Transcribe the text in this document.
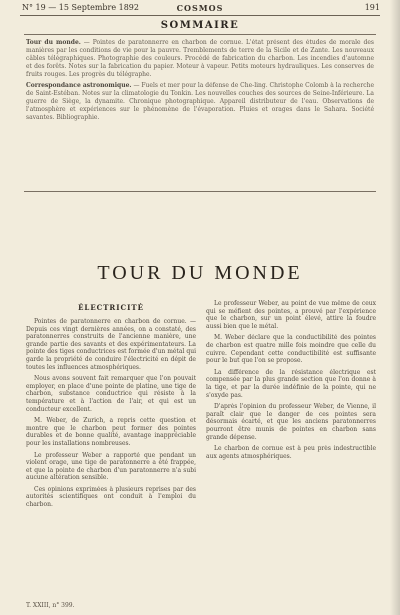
N° 19 — 15 Septembre 1892	COSMOS	191
SOMMAIRE

Tour du monde. — Pointes de paratonnerre en charbon de cornue. L'état présent des études de morale des manières par les conditions de vie pour la pauvre. Tremblements de terre de la Sicile et de Zante. Les nouveaux câbles télégraphiques. Photographie des couleurs. Procédé de fabrication du charbon. Les incendies d'automne et des forêts. Notes sur la fabrication du papier. Moteur à vapeur. Petits moteurs hydrauliques. Les conserves de fruits rouges. Les progrès du télégraphe.

Correspondance astronomique. — Fuels et mer pour la défense de Che-ling. Christophe Colomb à la recherche de Saint-Estéban. Notes sur la climatologie du Tonkin. Les nouvelles couches des sources de Seine-Inférieure. La guerre de Siège, la dynamite. Chronique photographique. Appareil distributeur de l'eau. Observations de l'atmosphère et expériences sur le phénomène de l'évaporation. Pluies et orages dans le Sahara. Société savantes. Bibliographie.

TOUR DU MONDE
ÉLECTRICITÉ

Pointes de paratonnerre en charbon de cornue. — Depuis ces vingt dernières années, on a constaté, des paratonnerres construits de l'ancienne manière, une grande partie des savants et des expérimentateurs. La pointe des tiges conductrices est formée d'un métal qui garde la propriété de conduire l'électricité en dépit de toutes les influences atmosphériques.

Nous avons souvent fait remarquer que l'on pouvait employer, en place d'une pointe de platine, une tige de charbon, substance conductrice qui résiste à la température et à l'action de l'air, et qui est un conducteur excellent.

M. Weber, de Zurich, a repris cette question et montre que le charbon peut former des pointes durables et de bonne qualité, avantage inappréciable pour les installations nombreuses.

Le professeur Weber a rapporté que pendant un violent orage, une tige de paratonnerre a été frappée, et que la pointe de charbon d'un paratonnerre n'a subi aucune altération sensible.

Ces opinions exprimées à plusieurs reprises par des autorités scientifiques ont conduit à l'emploi du charbon.

Le professeur Weber, au point de vue même de ceux qui se méfient des pointes, a prouvé par l'expérience que le charbon, sur un point élevé, attire la foudre aussi bien que le métal.

M. Weber déclare que la conductibilité des pointes de charbon est quatre mille fois moindre que celle du cuivre. Cependant cette conductibilité est suffisante pour le but que l'on se propose.

La différence de la résistance électrique est compensée par la plus grande section que l'on donne à la tige, et par la durée indéfinie de la pointe, qui ne s'oxyde pas.

D'après l'opinion du professeur Weber, de Vienne, il paraît clair que le danger de ces pointes sera désormais écarté, et que les anciens paratonnerres pourront être munis de pointes en charbon sans grande dépense.

Le charbon de cornue est à peu près indestructible aux agents atmosphériques.

T. XXIII, n° 399.
